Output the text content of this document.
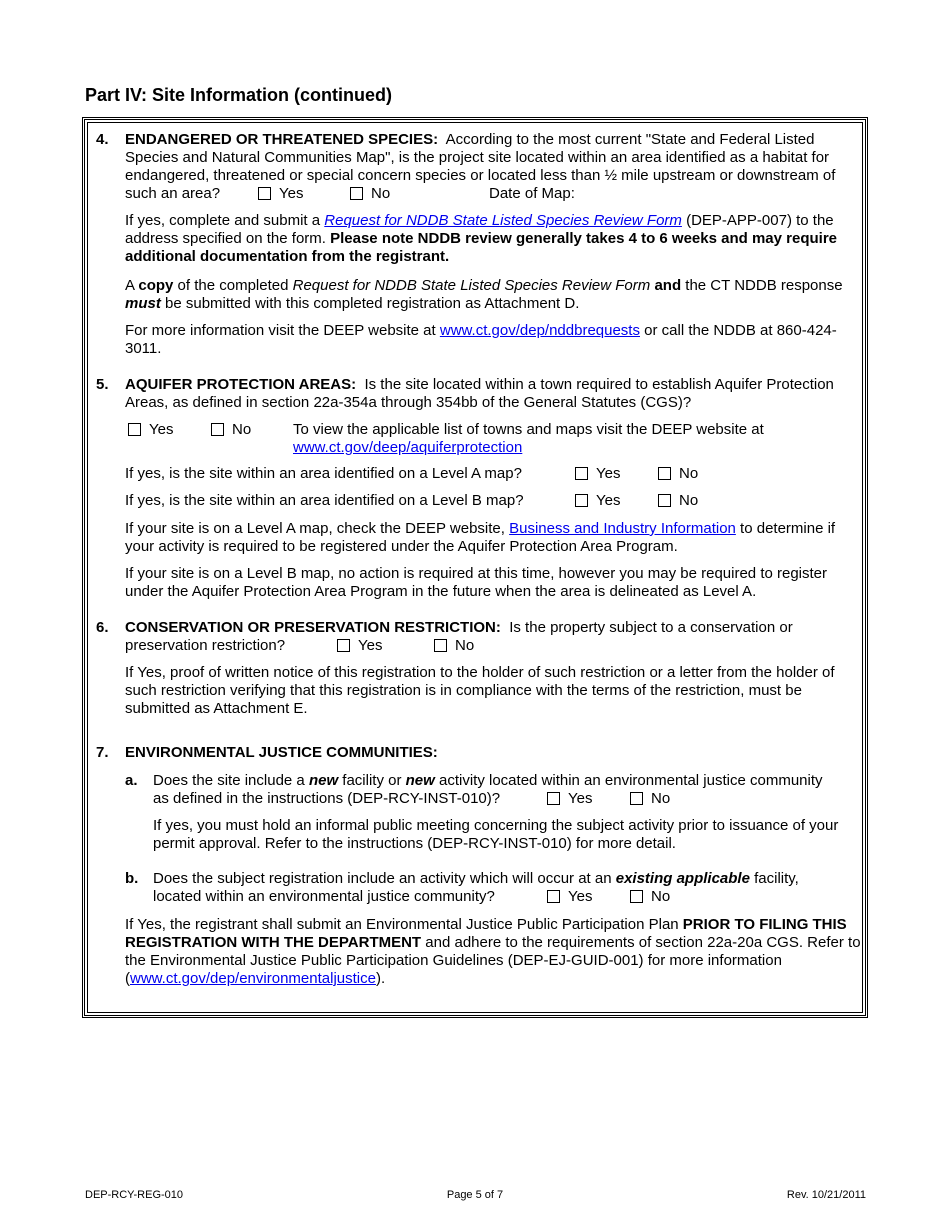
Part IV: Site Information (continued)
4. ENDANGERED OR THREATENED SPECIES: According to the most current "State and Federal Listed Species and Natural Communities Map", is the project site located within an area identified as a habitat for endangered, threatened or special concern species or located less than ½ mile upstream or downstream of such an area?	Yes	No	Date of Map:
If yes, complete and submit a Request for NDDB State Listed Species Review Form (DEP-APP-007) to the address specified on the form. Please note NDDB review generally takes 4 to 6 weeks and may require additional documentation from the registrant.
A copy of the completed Request for NDDB State Listed Species Review Form and the CT NDDB response must be submitted with this completed registration as Attachment D.
For more information visit the DEEP website at www.ct.gov/dep/nddbrequests or call the NDDB at 860-424-3011.
5. AQUIFER PROTECTION AREAS: Is the site located within a town required to establish Aquifer Protection Areas, as defined in section 22a-354a through 354bb of the General Statutes (CGS)?
Yes	No	To view the applicable list of towns and maps visit the DEEP website at
www.ct.gov/deep/aquiferprotection
If yes, is the site within an area identified on a Level A map?	Yes	No
If yes, is the site within an area identified on a Level B map?	Yes	No
If your site is on a Level A map, check the DEEP website, Business and Industry Information to determine if your activity is required to be registered under the Aquifer Protection Area Program.
If your site is on a Level B map, no action is required at this time, however you may be required to register under the Aquifer Protection Area Program in the future when the area is delineated as Level A.
6. CONSERVATION OR PRESERVATION RESTRICTION: Is the property subject to a conservation or
preservation restriction?	Yes	No
If Yes, proof of written notice of this registration to the holder of such restriction or a letter from the holder of such restriction verifying that this registration is in compliance with the terms of the restriction, must be submitted as Attachment E.
7. ENVIRONMENTAL JUSTICE COMMUNITIES:
a. Does the site include a new facility or new activity located within an environmental justice community
as defined in the instructions (DEP-RCY-INST-010)?	Yes	No
If yes, you must hold an informal public meeting concerning the subject activity prior to issuance of your permit approval. Refer to the instructions (DEP-RCY-INST-010) for more detail.
b. Does the subject registration include an activity which will occur at an existing applicable facility,
located within an environmental justice community?	Yes	No
If Yes, the registrant shall submit an Environmental Justice Public Participation Plan PRIOR TO FILING THIS REGISTRATION WITH THE DEPARTMENT and adhere to the requirements of section 22a-20a CGS. Refer to the Environmental Justice Public Participation Guidelines (DEP-EJ-GUID-001) for more information (www.ct.gov/dep/environmentaljustice).
DEP-RCY-REG-010	Page 5 of 7	Rev. 10/21/2011
